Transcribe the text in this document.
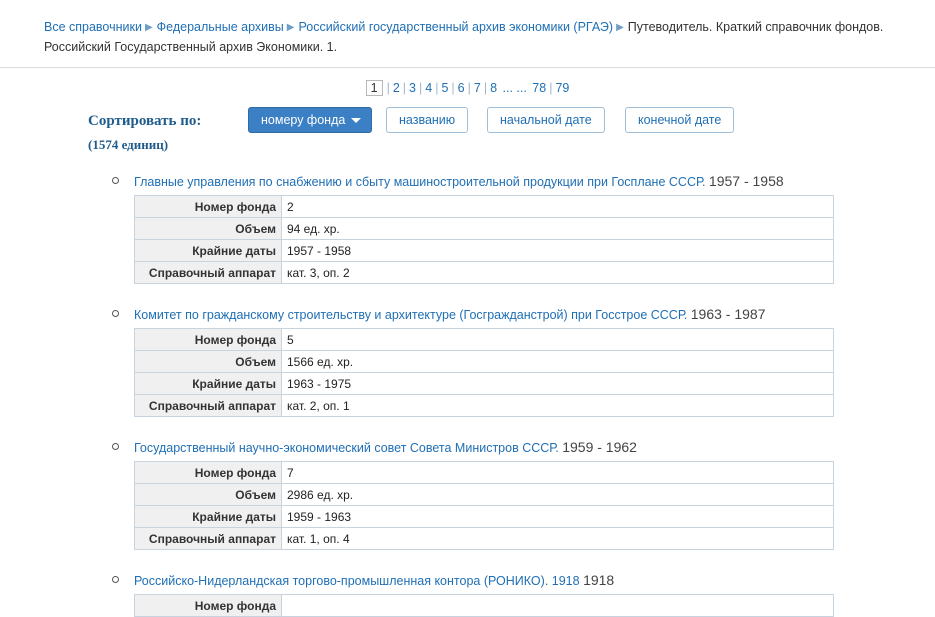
Все справочники ▶ Федеральные архивы ▶ Российский государственный архив экономики (РГАЭ) ▶ Путеводитель. Краткий справочник фондов. Российский Государственный архив Экономики. 1.
1 | 2 | 3 | 4 | 5 | 6 | 7 | 8 ... ... 78 | 79
Сортировать по:
(1574 единиц)
номеру фонда	названию	начальной дате	конечной дате
Главные управления по снабжению и сбыту машиностроительной продукции при Госплане СССР. 1957 - 1958
Номер фонда	2
Объем	94 ед. хр.
Крайние даты	1957 - 1958
Справочный аппарат	кат. 3, оп. 2
Комитет по гражданскому строительству и архитектуре (Госгражданстрой) при Госстрое СССР. 1963 - 1987
Номер фонда	5
Объем	1566 ед. хр.
Крайние даты	1963 - 1975
Справочный аппарат	кат. 2, оп. 1
Государственный научно-экономический совет Совета Министров СССР. 1959 - 1962
Номер фонда	7
Объем	2986 ед. хр.
Крайние даты	1959 - 1963
Справочный аппарат	кат. 1, оп. 4
Российско-Нидерландская торгово-промышленная контора (РОНИКО). 1918 1918
Номер фонда	
